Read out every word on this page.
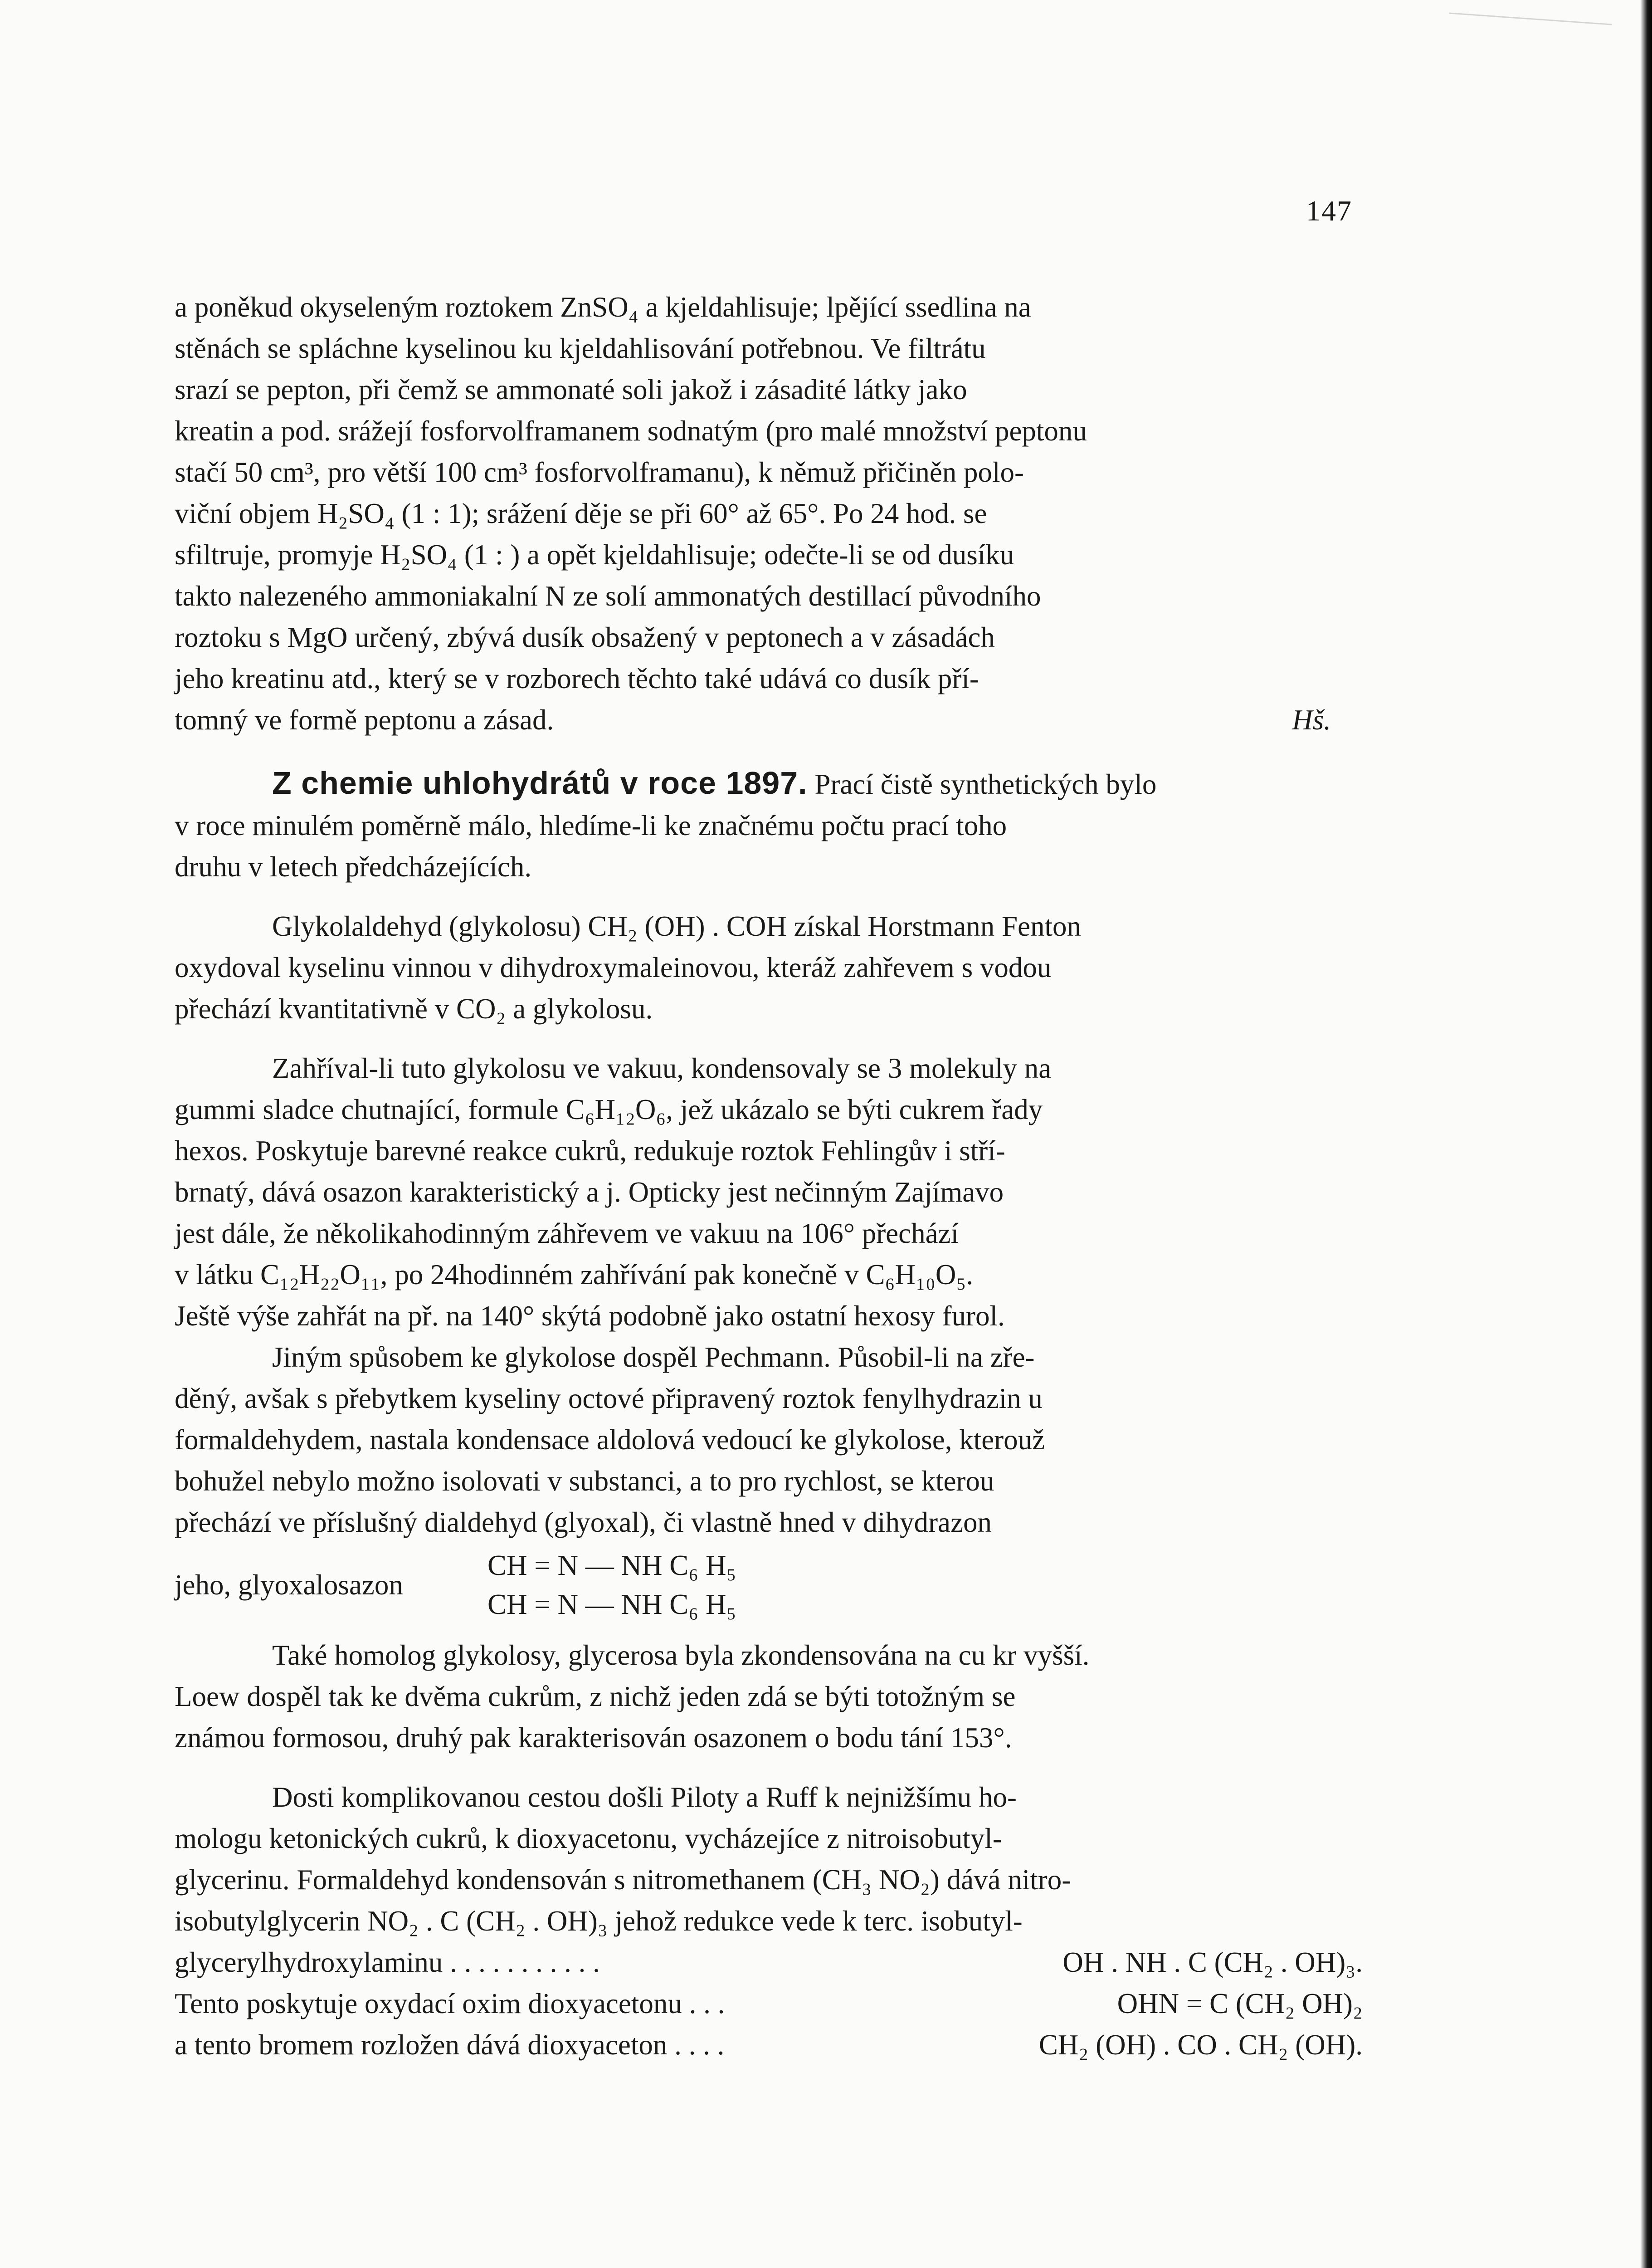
147

a poněkud okyseleným roztokem ZnSO₄ a kjeldahlisuje; lpějící ssedlina na

stěnách se spláchne kyselinou ku kjeldahlisování potřebnou. Ve filtrátu

srazí se pepton, při čemž se ammonaté soli jakož i zásadité látky jako

kreatin a pod. srážejí fosforvolframanem sodnatým (pro malé množství peptonu

stačí 50 cm³, pro větší 100 cm³ fosforvolframanu), k němuž přičiněn polo-

viční objem H₂SO₄ (1 : 1); srážení děje se při 60° až 65°. Po 24 hod. se

sfiltruje, promyje H₂SO₄ (1 : ) a opět kjeldahlisuje; odečte-li se od dusíku

takto nalezeného ammoniakalní N ze solí ammonatých destillací původního

roztoku s MgO určený, zbývá dusík obsažený v peptonech a v zásadách

jeho kreatinu atd., který se v rozborech těchto také udává co dusík pří-

tomný ve formě peptonu a zásad.	Hš.

Z chemie uhlohydrátů v roce 1897. Prací čistě synthetických bylo

v roce minulém poměrně málo, hledíme-li ke značnému počtu prací toho

druhu v letech předcházejících.

Glykolaldehyd (glykolosu) CH₂ (OH) . COH získal Horstmann Fenton

oxydoval kyselinu vinnou v dihydroxymaleinovou, kteráž zahřevem s vodou

přechází kvantitativně v CO₂ a glykolosu.

Zahříval-li tuto glykolosu ve vakuu, kondensovaly se 3 molekuly na

gummi sladce chutnající, formule C₆H₁₂O₆, jež ukázalo se býti cukrem řady

hexos. Poskytuje barevné reakce cukrů, redukuje roztok Fehlingův i stří-

brnatý, dává osazon karakteristický a j. Opticky jest nečinným Zajímavo

jest dále, že několikahodinným záhřevem ve vakuu na 106° přechází

v látku C₁₂H₂₂O₁₁, po 24hodinném zahřívání pak konečně v C₆H₁₀O₅.

Ještě výše zahřát na př. na 140° skýtá podobně jako ostatní hexosy furol.

Jiným spůsobem ke glykolose dospěl Pechmann. Působil-li na zře-

děný, avšak s přebytkem kyseliny octové připravený roztok fenylhydrazin u

formaldehydem, nastala kondensace aldolová vedoucí ke glykolose, kterouž

bohužel nebylo možno isolovati v substanci, a to pro rychlost, se kterou

přechází ve příslušný dialdehyd (glyoxal), či vlastně hned v dihydrazon

jeho, glyoxalosazon
CH = N — NH C₆ H₅
CH = N — NH C₆ H₅

Také homolog glykolosy, glycerosa byla zkondensována na cu kr vyšší.

Loew dospěl tak ke dvěma cukrům, z nichž jeden zdá se býti totožným se

známou formosou, druhý pak karakterisován osazonem o bodu tání 153°.

Dosti komplikovanou cestou došli Piloty a Ruff k nejnižšímu ho-

mologu ketonických cukrů, k dioxyacetonu, vycházejíce z nitroisobutyl-

glycerinu. Formaldehyd kondensován s nitromethanem (CH₃ NO₂) dává nitro-

isobutylglycerin NO₂ . C (CH₂ . OH)₃ jehož redukce vede k terc. isobutyl-

glycerylhydroxylaminu . . . . . . . . . . .	OH . NH . C (CH₂ . OH)₃.

Tento poskytuje oxydací oxim dioxyacetonu . . .	OHN = C (CH₂ OH)₂

a tento bromem rozložen dává dioxyaceton . . . .	CH₂ (OH) . CO . CH₂ (OH).
